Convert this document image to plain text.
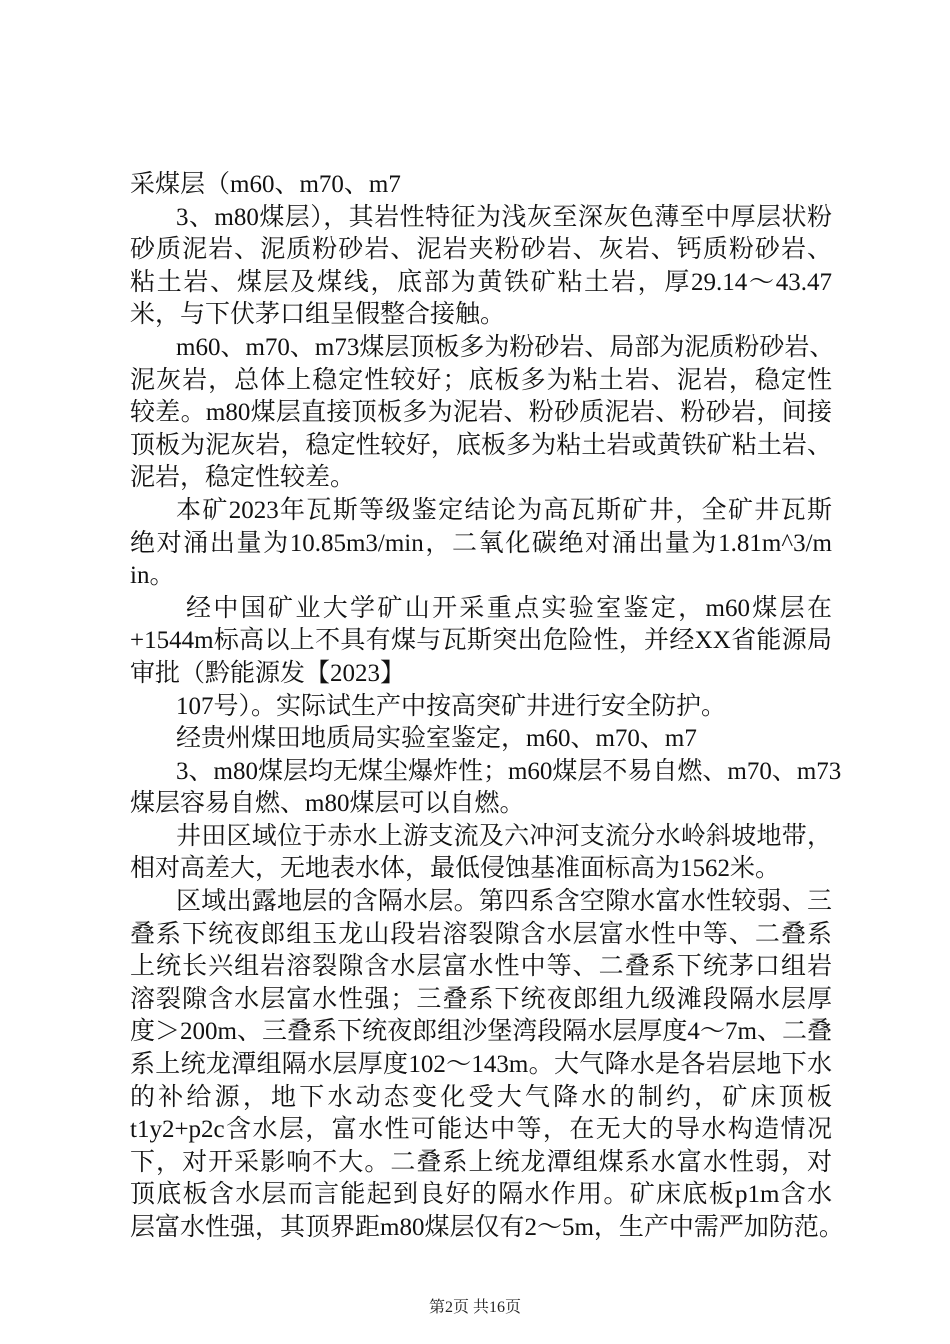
采煤层（m60、m70、m7
3、m80煤层），其岩性特征为浅灰至深灰色薄至中厚层状粉
砂质泥岩、泥质粉砂岩、泥岩夹粉砂岩、灰岩、钙质粉砂岩、
粘土岩、煤层及煤线，底部为黄铁矿粘土岩，厚29.14～43.47
米，与下伏茅口组呈假整合接触。
m60、m70、m73煤层顶板多为粉砂岩、局部为泥质粉砂岩、
泥灰岩，总体上稳定性较好；底板多为粘土岩、泥岩，稳定性
较差。m80煤层直接顶板多为泥岩、粉砂质泥岩、粉砂岩，间接
顶板为泥灰岩，稳定性较好，底板多为粘土岩或黄铁矿粘土岩、
泥岩，稳定性较差。
本矿2023年瓦斯等级鉴定结论为高瓦斯矿井，全矿井瓦斯
绝对涌出量为10.85m3/min，二氧化碳绝对涌出量为1.81m^3/m
in。
经中国矿业大学矿山开采重点实验室鉴定，m60煤层在
+1544m标高以上不具有煤与瓦斯突出危险性，并经XX省能源局
审批（黔能源发【2023】
107号）。实际试生产中按高突矿井进行安全防护。
经贵州煤田地质局实验室鉴定，m60、m70、m7
3、m80煤层均无煤尘爆炸性；m60煤层不易自燃、m70、m73
煤层容易自燃、m80煤层可以自燃。
井田区域位于赤水上游支流及六冲河支流分水岭斜坡地带，
相对高差大，无地表水体，最低侵蚀基准面标高为1562米。
区域出露地层的含隔水层。第四系含空隙水富水性较弱、三
叠系下统夜郎组玉龙山段岩溶裂隙含水层富水性中等、二叠系
上统长兴组岩溶裂隙含水层富水性中等、二叠系下统茅口组岩
溶裂隙含水层富水性强；三叠系下统夜郎组九级滩段隔水层厚
度＞200m、三叠系下统夜郎组沙堡湾段隔水层厚度4～7m、二叠
系上统龙潭组隔水层厚度102～143m。大气降水是各岩层地下水
的补给源，地下水动态变化受大气降水的制约，矿床顶板
t1y2+p2c含水层，富水性可能达中等，在无大的导水构造情况
下，对开采影响不大。二叠系上统龙潭组煤系水富水性弱，对
顶底板含水层而言能起到良好的隔水作用。矿床底板p1m含水
层富水性强，其顶界距m80煤层仅有2～5m，生产中需严加防范。
第2页 共16页
